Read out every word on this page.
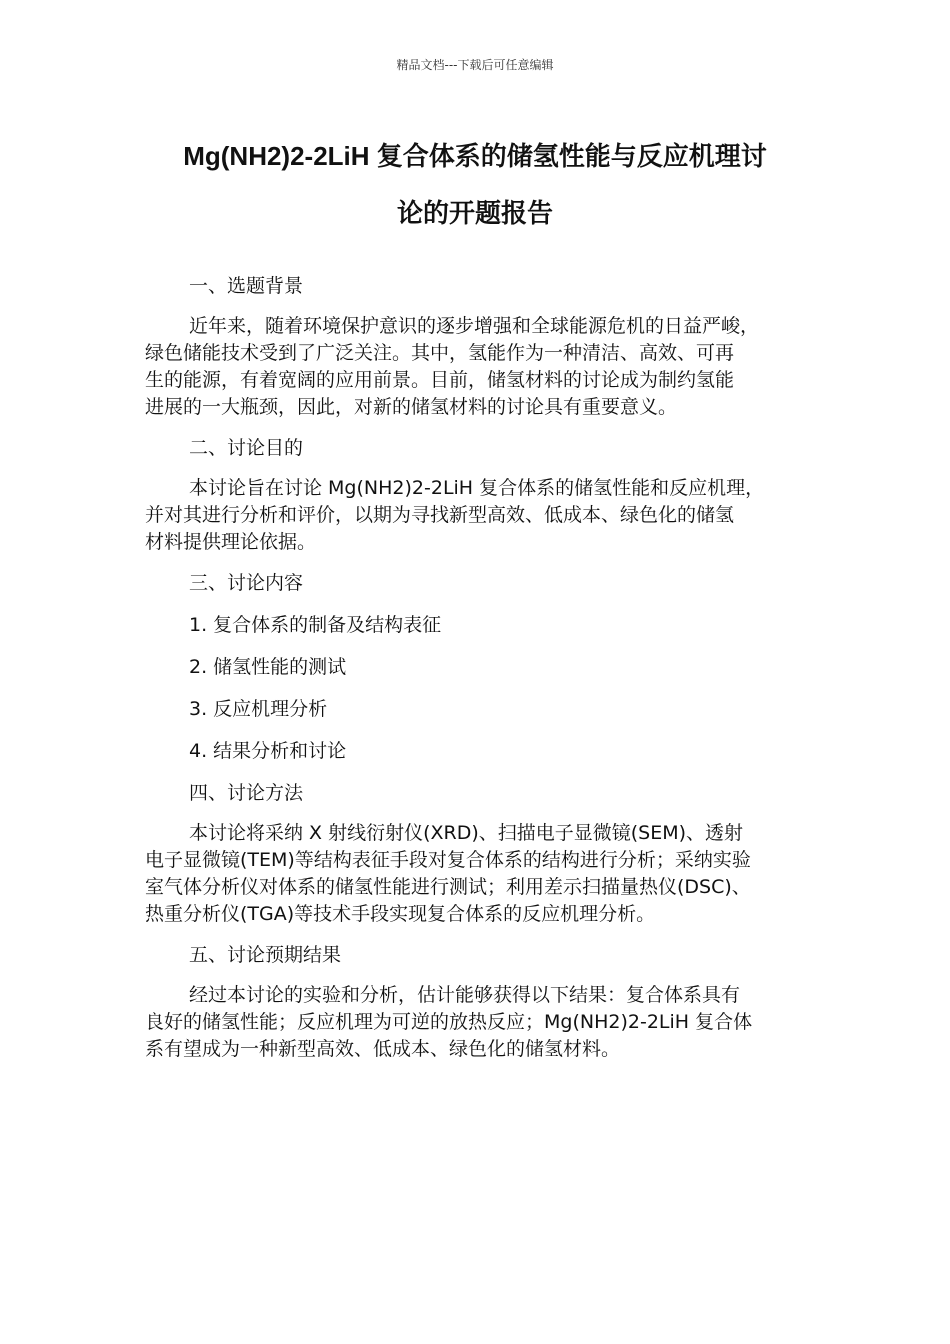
精品文档---下载后可任意编辑
Mg(NH2)2-2LiH 复合体系的储氢性能与反应机理讨
论的开题报告

一、选题背景

近年来，随着环境保护意识的逐步增强和全球能源危机的日益严峻，
绿色储能技术受到了广泛关注。其中，氢能作为一种清洁、高效、可再
生的能源，有着宽阔的应用前景。目前，储氢材料的讨论成为制约氢能
进展的一大瓶颈，因此，对新的储氢材料的讨论具有重要意义。

二、讨论目的

本讨论旨在讨论 Mg(NH2)2-2LiH 复合体系的储氢性能和反应机理，
并对其进行分析和评价，以期为寻找新型高效、低成本、绿色化的储氢
材料提供理论依据。

三、讨论内容

1. 复合体系的制备及结构表征

2. 储氢性能的测试

3. 反应机理分析

4. 结果分析和讨论

四、讨论方法

本讨论将采纳 X 射线衍射仪(XRD)、扫描电子显微镜(SEM)、透射
电子显微镜(TEM)等结构表征手段对复合体系的结构进行分析；采纳实验
室气体分析仪对体系的储氢性能进行测试；利用差示扫描量热仪(DSC)、
热重分析仪(TGA)等技术手段实现复合体系的反应机理分析。

五、讨论预期结果

经过本讨论的实验和分析，估计能够获得以下结果：复合体系具有
良好的储氢性能；反应机理为可逆的放热反应；Mg(NH2)2-2LiH 复合体
系有望成为一种新型高效、低成本、绿色化的储氢材料。
